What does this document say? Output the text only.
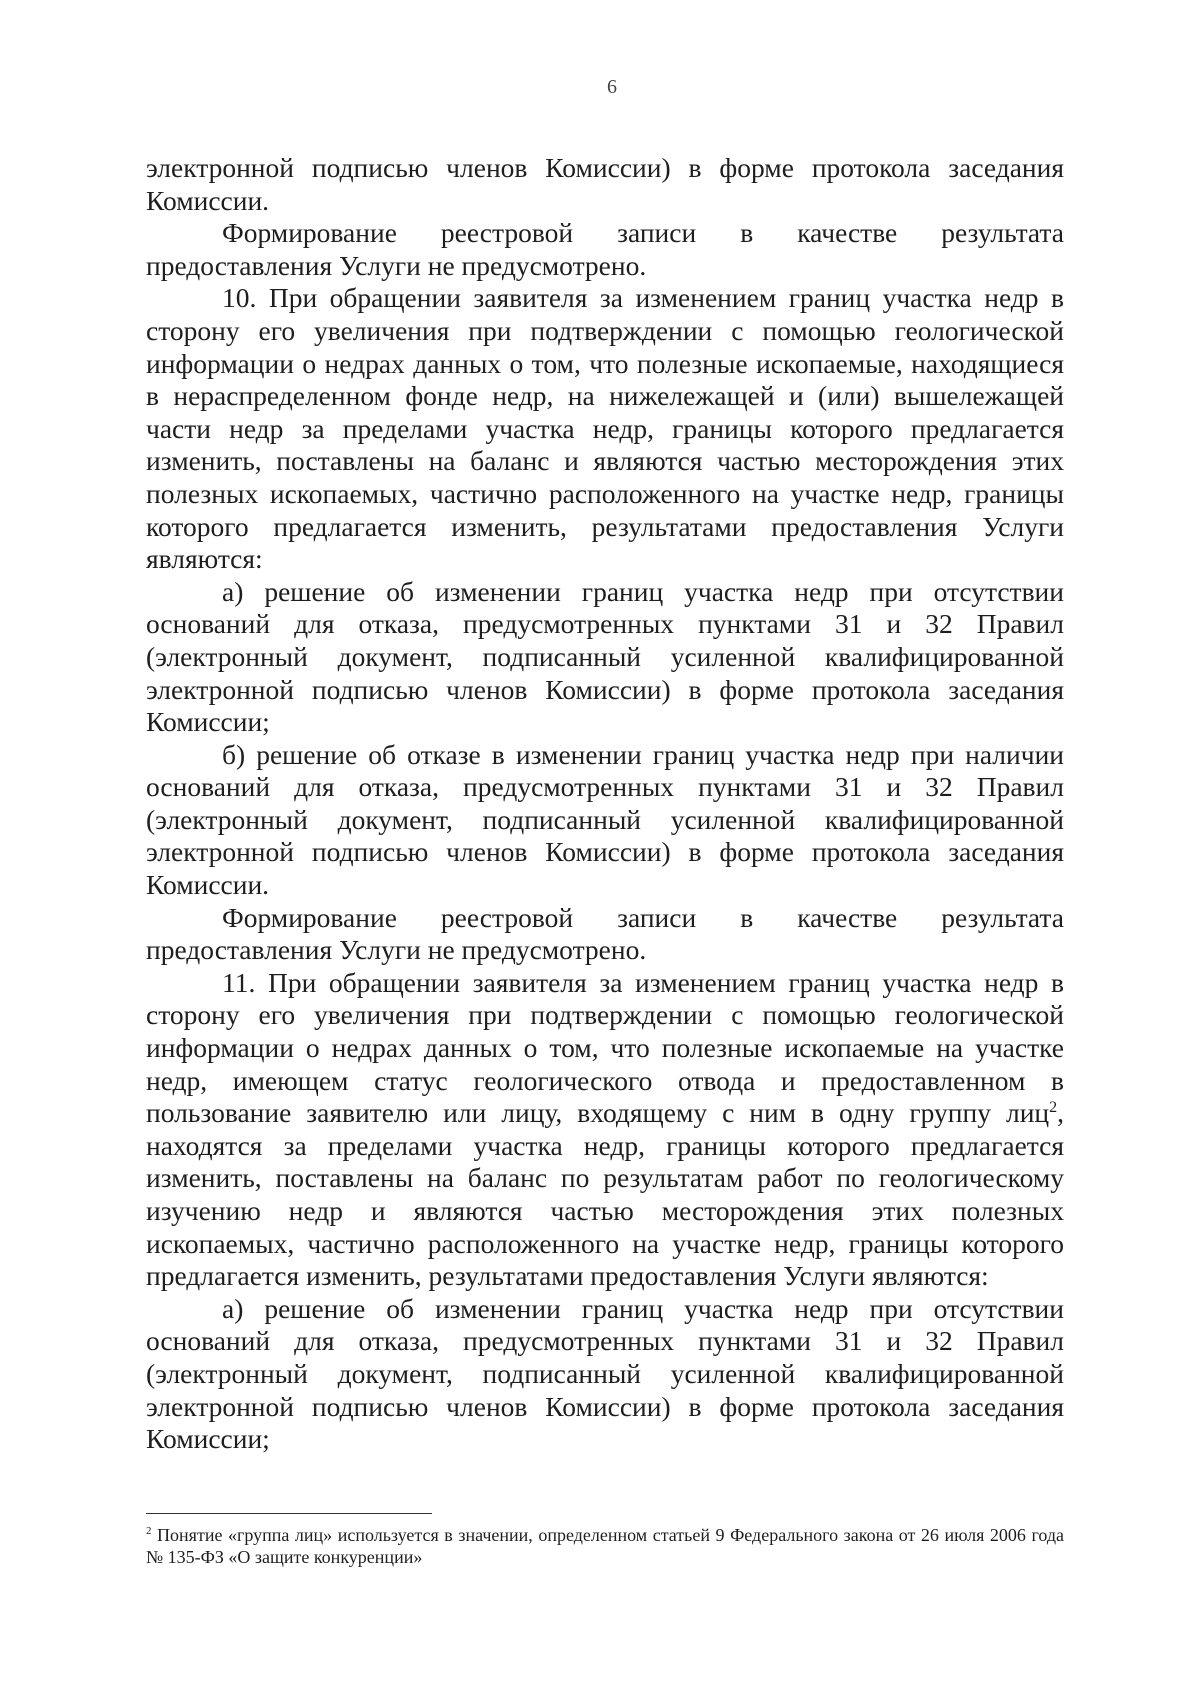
6

электронной подписью членов Комиссии) в форме протокола заседания Комиссии.

Формирование реестровой записи в качестве результата предоставления Услуги не предусмотрено.

10. При обращении заявителя за изменением границ участка недр в сторону его увеличения при подтверждении с помощью геологической информации о недрах данных о том, что полезные ископаемые, находящиеся в нераспределенном фонде недр, на нижележащей и (или) вышележащей части недр за пределами участка недр, границы которого предлагается изменить, поставлены на баланс и являются частью месторождения этих полезных ископаемых, частично расположенного на участке недр, границы которого предлагается изменить, результатами предоставления Услуги являются:

а) решение об изменении границ участка недр при отсутствии оснований для отказа, предусмотренных пунктами 31 и 32 Правил (электронный документ, подписанный усиленной квалифицированной электронной подписью членов Комиссии) в форме протокола заседания Комиссии;

б) решение об отказе в изменении границ участка недр при наличии оснований для отказа, предусмотренных пунктами 31 и 32 Правил (электронный документ, подписанный усиленной квалифицированной электронной подписью членов Комиссии) в форме протокола заседания Комиссии.

Формирование реестровой записи в качестве результата предоставления Услуги не предусмотрено.

11. При обращении заявителя за изменением границ участка недр в сторону его увеличения при подтверждении с помощью геологической информации о недрах данных о том, что полезные ископаемые на участке недр, имеющем статус геологического отвода и предоставленном в пользование заявителю или лицу, входящему с ним в одну группу лиц$^2$, находятся за пределами участка недр, границы которого предлагается изменить, поставлены на баланс по результатам работ по геологическому изучению недр и являются частью месторождения этих полезных ископаемых, частично расположенного на участке недр, границы которого предлагается изменить, результатами предоставления Услуги являются:

а) решение об изменении границ участка недр при отсутствии оснований для отказа, предусмотренных пунктами 31 и 32 Правил (электронный документ, подписанный усиленной квалифицированной электронной подписью членов Комиссии) в форме протокола заседания Комиссии;

$^2$ Понятие «группа лиц» используется в значении, определенном статьей 9 Федерального закона от 26 июля 2006 года № 135-ФЗ «О защите конкуренции»
